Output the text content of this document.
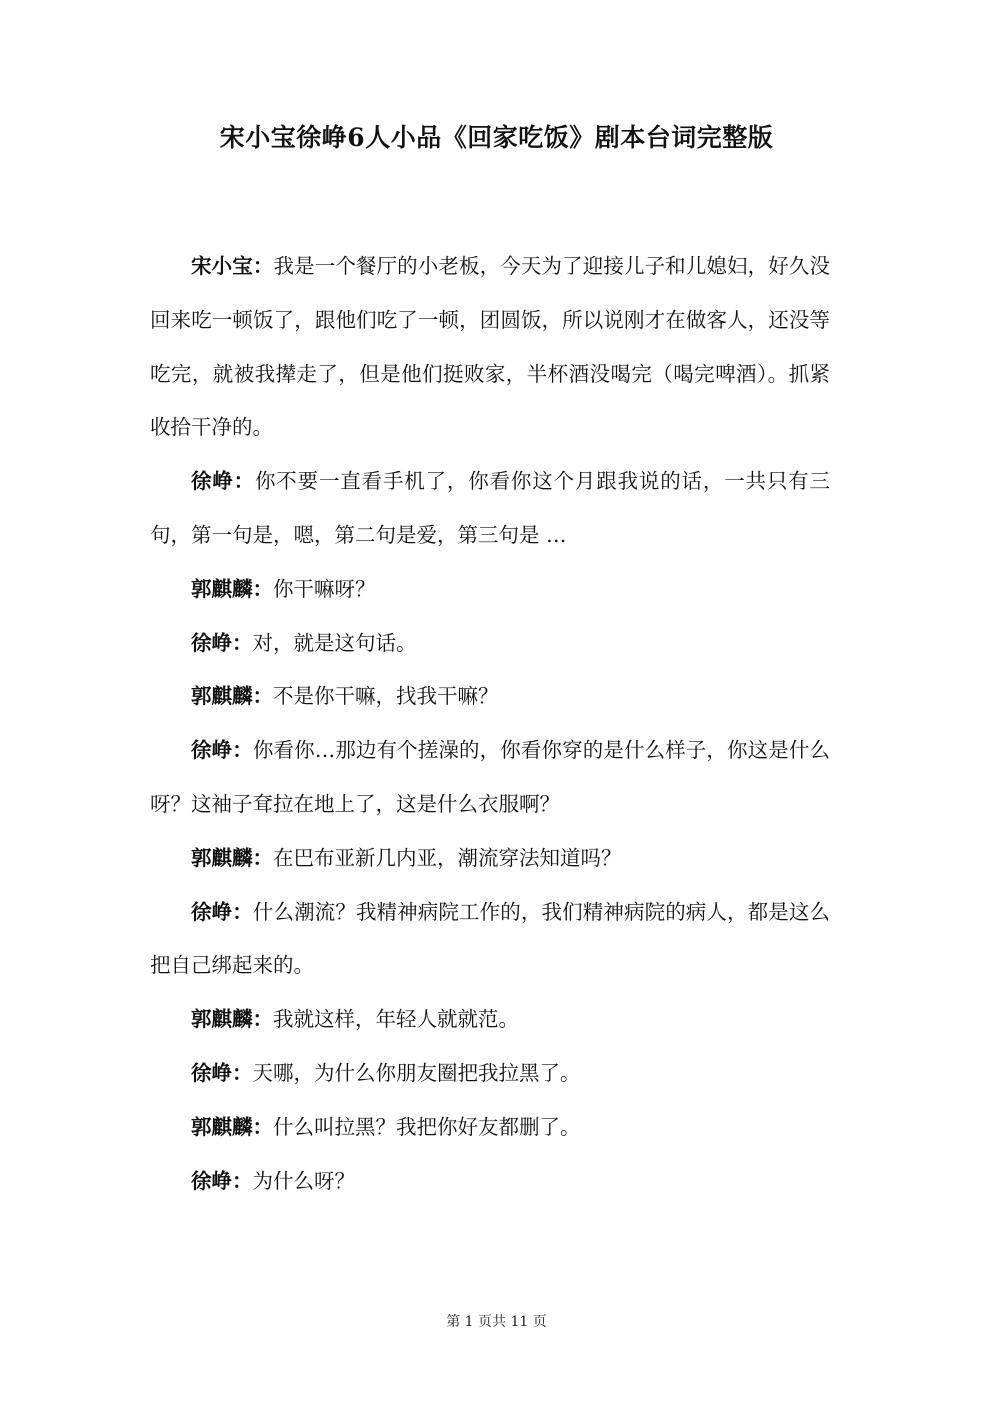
宋小宝徐峥6人小品《回家吃饭》剧本台词完整版

宋小宝：我是一个餐厅的小老板，今天为了迎接儿子和儿媳妇，好久没回来吃一顿饭了，跟他们吃了一顿，团圆饭，所以说刚才在做客人，还没等吃完，就被我撵走了，但是他们挺败家，半杯酒没喝完（喝完啤酒）。抓紧收拾干净的。

徐峥：你不要一直看手机了，你看你这个月跟我说的话，一共只有三句，第一句是，嗯，第二句是爱，第三句是 …

郭麒麟：你干嘛呀？

徐峥：对，就是这句话。

郭麒麟：不是你干嘛，找我干嘛？

徐峥：你看你…那边有个搓澡的，你看你穿的是什么样子，你这是什么呀？这袖子耷拉在地上了，这是什么衣服啊？

郭麒麟：在巴布亚新几内亚，潮流穿法知道吗？

徐峥：什么潮流？我精神病院工作的，我们精神病院的病人，都是这么把自己绑起来的。

郭麒麟：我就这样，年轻人就就范。

徐峥：天哪，为什么你朋友圈把我拉黑了。

郭麒麟：什么叫拉黑？我把你好友都删了。

徐峥：为什么呀？

第 1 页共 11 页
